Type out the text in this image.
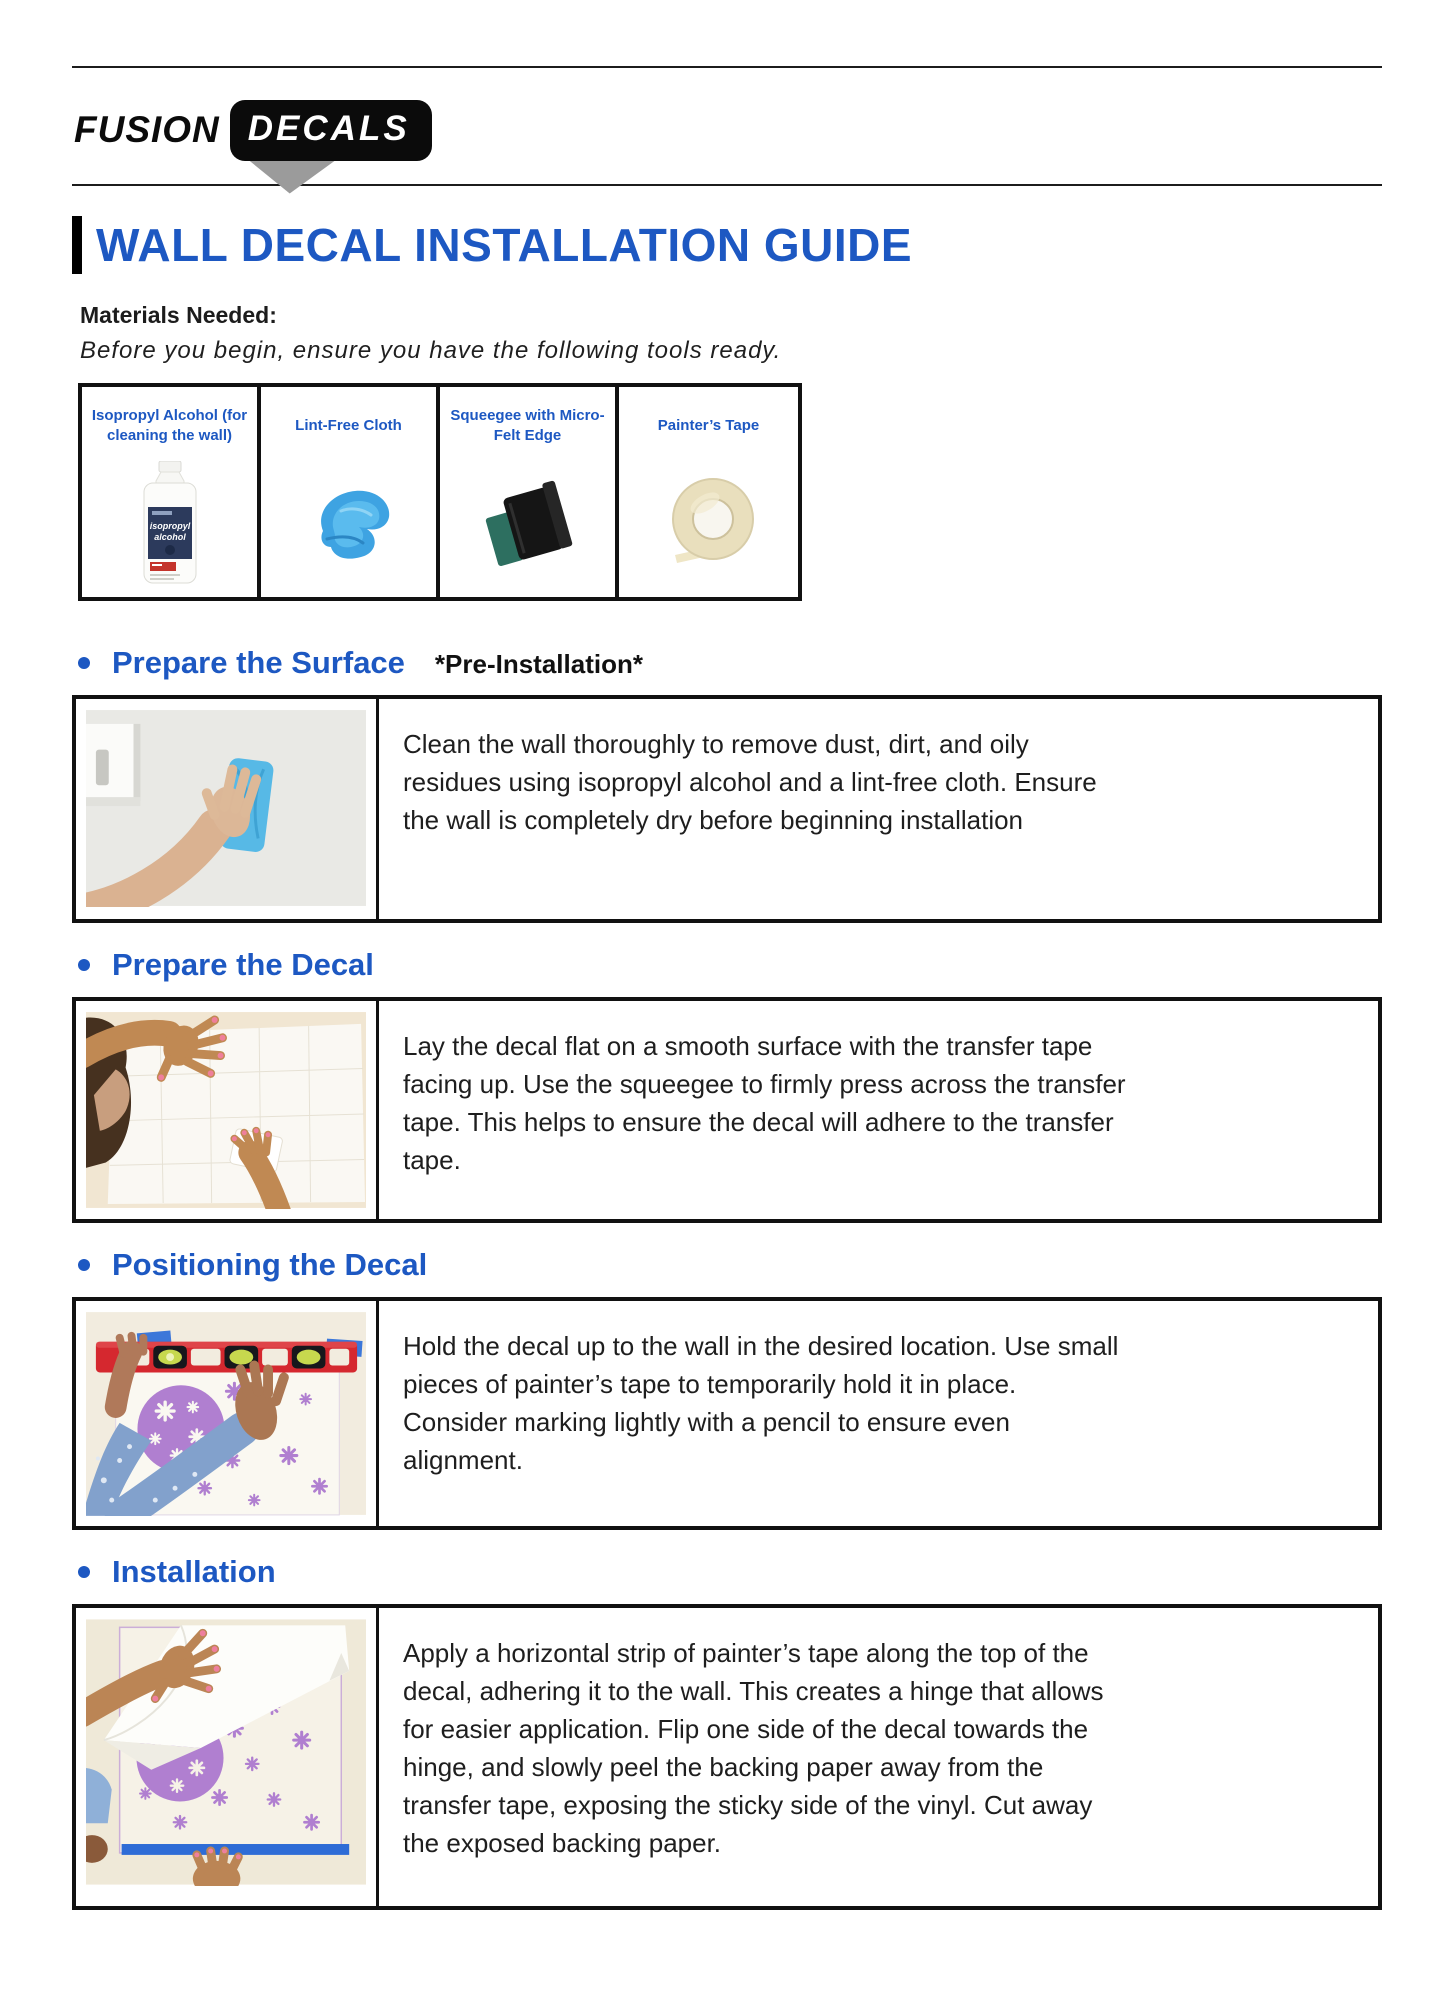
FUSION DECALS
WALL DECAL INSTALLATION GUIDE
Materials Needed:
Before you begin, ensure you have the following tools ready.
Isopropyl Alcohol (for cleaning the wall)
isopropyl
alcohol
Lint-Free Cloth
Squeegee with Micro-Felt Edge
Painter’s Tape
Prepare the Surface *Pre-Installation*

Clean the wall thoroughly to remove dust, dirt, and oily residues using isopropyl alcohol and a lint-free cloth. Ensure the wall is completely dry before beginning installation

Prepare the Decal

Lay the decal flat on a smooth surface with the transfer tape facing up. Use the squeegee to firmly press across the transfer tape. This helps to ensure the decal will adhere to the transfer tape.

Positioning the Decal

Hold the decal up to the wall in the desired location. Use small pieces of painter’s tape to temporarily hold it in place. Consider marking lightly with a pencil to ensure even alignment.

Installation

Apply a horizontal strip of painter’s tape along the top of the decal, adhering it to the wall. This creates a hinge that allows for easier application. Flip one side of the decal towards the hinge, and slowly peel the backing paper away from the transfer tape, exposing the sticky side of the vinyl. Cut away the exposed backing paper.
